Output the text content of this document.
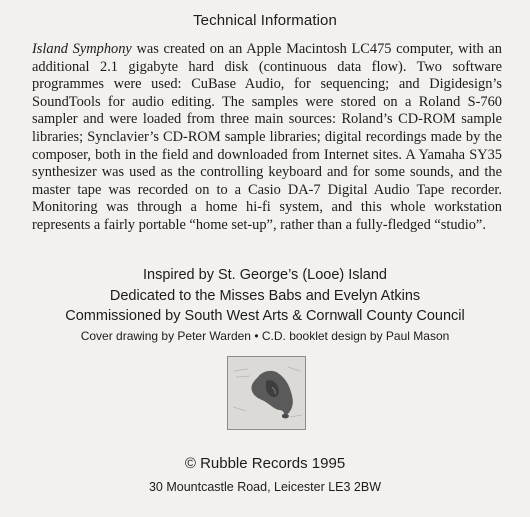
Technical Information

Island Symphony was created on an Apple Macintosh LC475 computer, with an additional 2.1 gigabyte hard disk (continuous data flow). Two software programmes were used: CuBase Audio, for sequencing; and Digidesign’s SoundTools for audio editing. The samples were stored on a Roland S-760 sampler and were loaded from three main sources: Roland’s CD-ROM sample libraries; Synclavier’s CD-ROM sample libraries; digital recordings made by the composer, both in the field and downloaded from Internet sites. A Yamaha SY35 synthesizer was used as the controlling keyboard and for some sounds, and the master tape was recorded on to a Casio DA-7 Digital Audio Tape recorder. Monitoring was through a home hi-fi system, and this whole workstation represents a fairly portable “home set-up”, rather than a fully-fledged “studio”.

Inspired by St. George’s (Looe) Island
Dedicated to the Misses Babs and Evelyn Atkins
Commissioned by South West Arts & Cornwall County Council
Cover drawing by Peter Warden • C.D. booklet design by Paul Mason
© Rubble Records 1995
30 Mountcastle Road, Leicester LE3 2BW
